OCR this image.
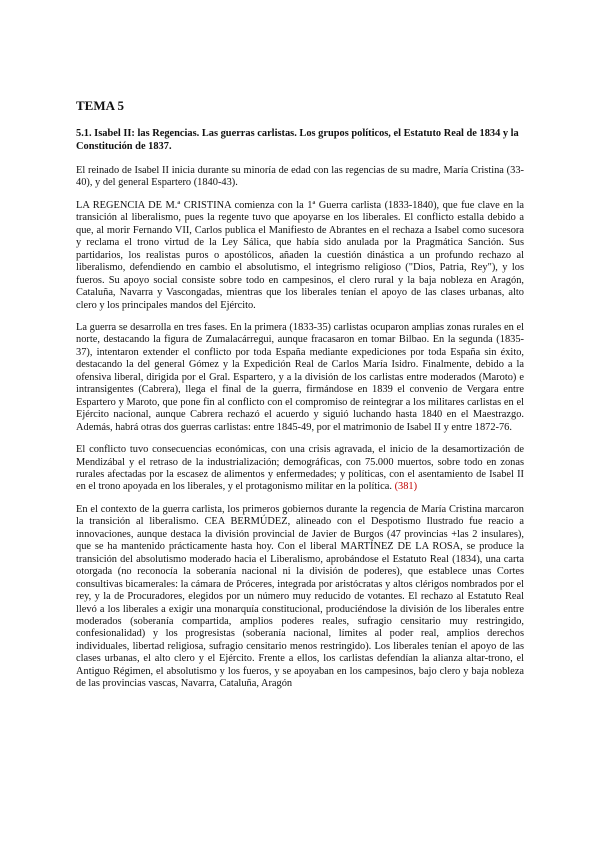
TEMA 5
5.1. Isabel II: las Regencias. Las guerras carlistas. Los grupos políticos, el Estatuto Real de 1834 y la Constitución de 1837.

El reinado de Isabel II inicia durante su minoría de edad con las regencias de su madre, María Cristina (33-40), y del general Espartero (1840-43).

LA REGENCIA DE M.ª CRISTINA comienza con la 1ª Guerra carlista (1833-1840), que fue clave en la transición al liberalismo, pues la regente tuvo que apoyarse en los liberales. El conflicto estalla debido a que, al morir Fernando VII, Carlos publica el Manifiesto de Abrantes en el rechaza a Isabel como sucesora y reclama el trono virtud de la Ley Sálica, que había sido anulada por la Pragmática Sanción. Sus partidarios, los realistas puros o apostólicos, añaden la cuestión dinástica a un profundo rechazo al liberalismo, defendiendo en cambio el absolutismo, el integrismo religioso ("Dios, Patria, Rey"), y los fueros. Su apoyo social consiste sobre todo en campesinos, el clero rural y la baja nobleza en Aragón, Cataluña, Navarra y Vascongadas, mientras que los liberales tenían el apoyo de las clases urbanas, alto clero y los principales mandos del Ejército.

La guerra se desarrolla en tres fases. En la primera (1833-35) carlistas ocuparon amplias zonas rurales en el norte, destacando la figura de Zumalacárregui, aunque fracasaron en tomar Bilbao. En la segunda (1835-37), intentaron extender el conflicto por toda España mediante expediciones por toda España sin éxito, destacando la del general Gómez y la Expedición Real de Carlos María Isidro. Finalmente, debido a la ofensiva liberal, dirigida por el Gral. Espartero, y a la división de los carlistas entre moderados (Maroto) e intransigentes (Cabrera), llega el final de la guerra, firmándose en 1839 el convenio de Vergara entre Espartero y Maroto, que pone fin al conflicto con el compromiso de reintegrar a los militares carlistas en el Ejército nacional, aunque Cabrera rechazó el acuerdo y siguió luchando hasta 1840 en el Maestrazgo. Además, habrá otras dos guerras carlistas: entre 1845-49, por el matrimonio de Isabel II y entre 1872-76.

El conflicto tuvo consecuencias económicas, con una crisis agravada, el inicio de la desamortización de Mendizábal y el retraso de la industrialización; demográficas, con 75.000 muertos, sobre todo en zonas rurales afectadas por la escasez de alimentos y enfermedades; y políticas, con el asentamiento de Isabel II en el trono apoyada en los liberales, y el protagonismo militar en la política. (381)

En el contexto de la guerra carlista, los primeros gobiernos durante la regencia de María Cristina marcaron la transición al liberalismo. CEA BERMÚDEZ, alineado con el Despotismo Ilustrado fue reacio a innovaciones, aunque destaca la división provincial de Javier de Burgos (47 provincias +las 2 insulares), que se ha mantenido prácticamente hasta hoy. Con el liberal MARTÍNEZ DE LA ROSA, se produce la transición del absolutismo moderado hacia el Liberalismo, aprobándose el Estatuto Real (1834), una carta otorgada (no reconocía la soberanía nacional ni la división de poderes), que establece unas Cortes consultivas bicamerales: la cámara de Próceres, integrada por aristócratas y altos clérigos nombrados por el rey, y la de Procuradores, elegidos por un número muy reducido de votantes. El rechazo al Estatuto Real llevó a los liberales a exigir una monarquía constitucional, produciéndose la división de los liberales entre moderados (soberanía compartida, amplios poderes reales, sufragio censitario muy restringido, confesionalidad) y los progresistas (soberanía nacional, límites al poder real, amplios derechos individuales, libertad religiosa, sufragio censitario menos restringido). Los liberales tenían el apoyo de las clases urbanas, el alto clero y el Ejército. Frente a ellos, los carlistas defendían la alianza altar-trono, el Antiguo Régimen, el absolutismo y los fueros, y se apoyaban en los campesinos, bajo clero y baja nobleza de las provincias vascas, Navarra, Cataluña, Aragón
